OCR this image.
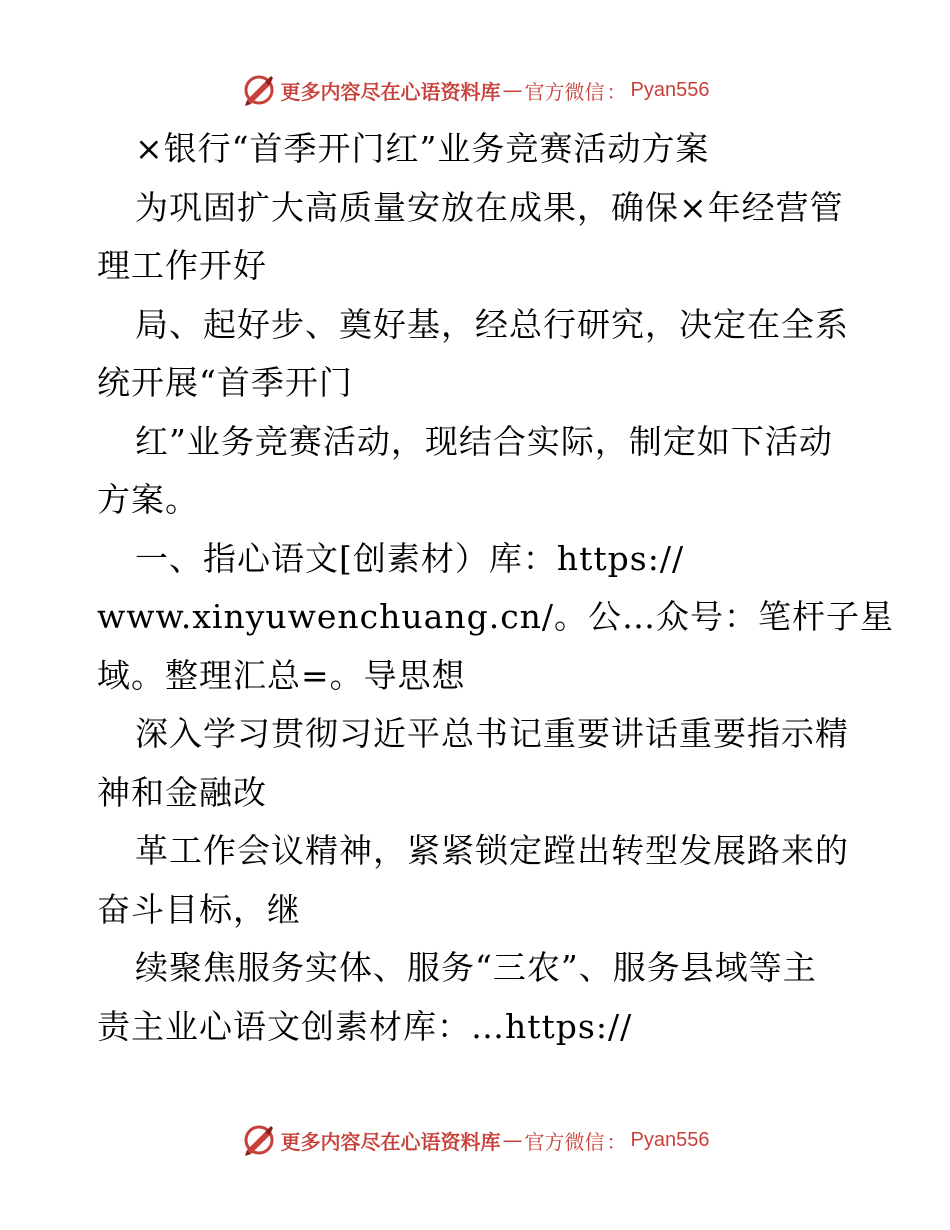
更多内容尽在心语资料库 — 官方微信 ： Pyan556
×银行“首季开门红”业务竞赛活动方案
为巩固扩大高质量安放在成果，确保×年经营管
理工作开好
局、起好步、奠好基，经总行研究，决定在全系
统开展“首季开门
红”业务竞赛活动，现结合实际，制定如下活动
方案。
一、指心语文[创素材）库：https://
www.xinyuwenchuang.cn/。公…众号：笔杆子星
域。整理汇总=。导思想
深入学习贯彻习近平总书记重要讲话重要指示精
神和金融改
革工作会议精神，紧紧锁定蹚出转型发展路来的
奋斗目标，继
续聚焦服务实体、服务“三农”、服务县域等主
责主业心语文创素材库：…https://
更多内容尽在心语资料库 — 官方微信 ： Pyan556
